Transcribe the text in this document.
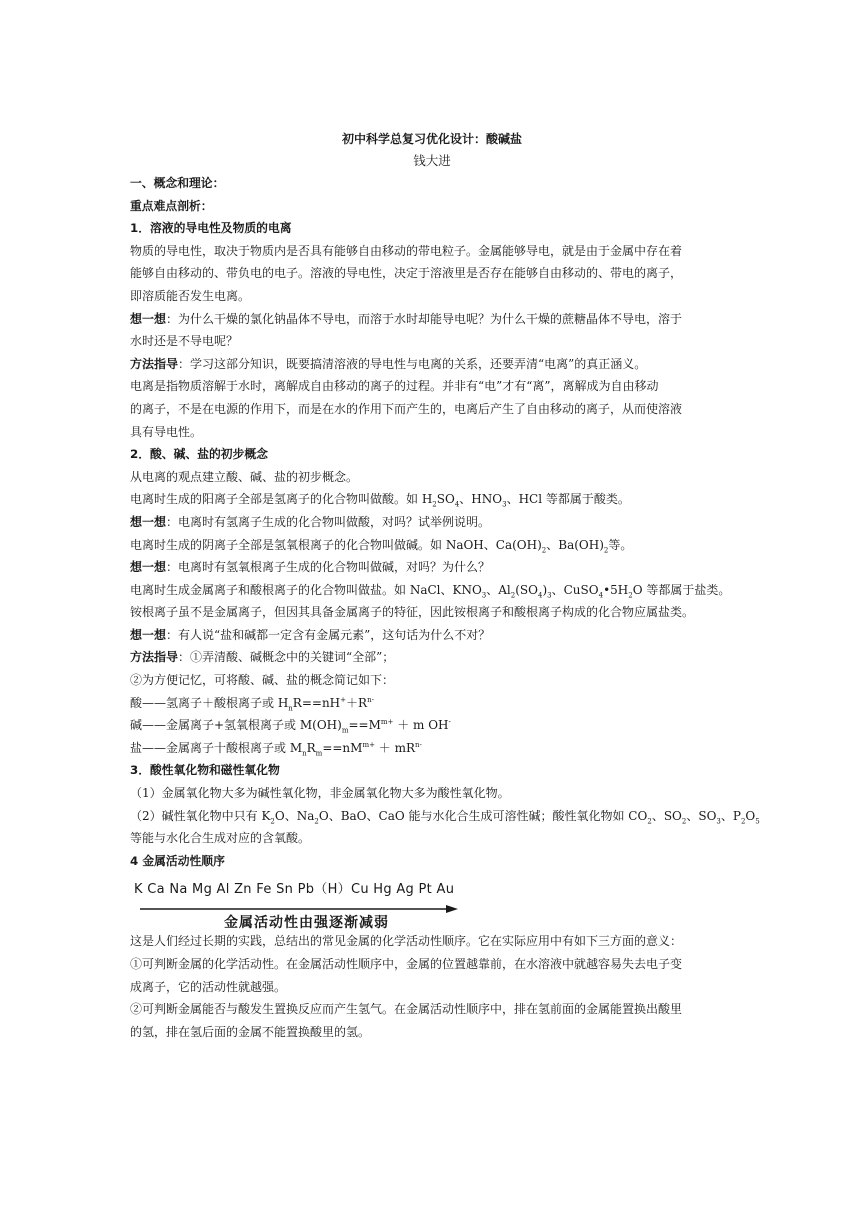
初中科学总复习优化设计：酸碱盐
钱大进
一、概念和理论：
重点难点剖析：
1．溶液的导电性及物质的电离
物质的导电性，取决于物质内是否具有能够自由移动的带电粒子。金属能够导电，就是由于金属中存在着
能够自由移动的、带负电的电子。溶液的导电性，决定于溶液里是否存在能够自由移动的、带电的离子，
即溶质能否发生电离。
想一想：为什么干燥的氯化钠晶体不导电，而溶于水时却能导电呢？为什么干燥的蔗糖晶体不导电，溶于
水时还是不导电呢？
方法指导：学习这部分知识，既要搞清溶液的导电性与电离的关系，还要弄清“电离”的真正涵义。
电离是指物质溶解于水时，离解成自由移动的离子的过程。并非有“电”才有“离”，离解成为自由移动
的离子，不是在电源的作用下，而是在水的作用下而产生的，电离后产生了自由移动的离子，从而使溶液
具有导电性。
2．酸、碱、盐的初步概念
从电离的观点建立酸、碱、盐的初步概念。
电离时生成的阳离子全部是氢离子的化合物叫做酸。如 $H_2SO_4$、$HNO_3$、HCl 等都属于酸类。
想一想：电离时有氢离子生成的化合物叫做酸，对吗？试举例说明。
电离时生成的阴离子全部是氢氧根离子的化合物叫做碱。如 NaOH、$Ca(OH)_2$、$Ba(OH)_2$等。
想一想：电离时有氢氧根离子生成的化合物叫做碱，对吗？为什么？
电离时生成金属离子和酸根离子的化合物叫做盐。如 NaCl、$KNO_3$、$Al_2(SO_4)_3$、$CuSO_4•5H_2O$ 等都属于盐类。
铵根离子虽不是金属离子，但因其具备金属离子的特征，因此铵根离子和酸根离子构成的化合物应属盐类。
想一想：有人说“盐和碱都一定含有金属元素”，这句话为什么不对？
方法指导：①弄清酸、碱概念中的关键词“全部”；
②为方便记忆，可将酸、碱、盐的概念简记如下：
酸——氢离子＋酸根离子或 $H_nR==nH^++R^{n-}$
碱——金属离子+氢氧根离子或 $M(OH)_m==M^{m+} + m$ OH-
盐——金属离子十酸根离子或 $M_nR_m==nM^{m+} + mR^{n-}$
3．酸性氧化物和磁性氧化物
（1）金属氧化物大多为碱性氧化物，非金属氧化物大多为酸性氧化物。
（2）碱性氧化物中只有 $K_2O$、$Na_2O$、BaO、CaO 能与水化合生成可溶性碱；酸性氧化物如 $CO_2$、$SO_2$、$SO_3$、$P_2O_5$
等能与水化合生成对应的含氧酸。
4 金属活动性顺序
K Ca Na Mg Al Zn Fe Sn Pb（H）Cu Hg Ag Pt Au
金属活动性由强逐渐减弱
这是人们经过长期的实践，总结出的常见金属的化学活动性顺序。它在实际应用中有如下三方面的意义：
①可判断金属的化学活动性。在金属活动性顺序中，金属的位置越靠前，在水溶液中就越容易失去电子变
成离子，它的活动性就越强。
②可判断金属能否与酸发生置换反应而产生氢气。在金属活动性顺序中，排在氢前面的金属能置换出酸里
的氢，排在氢后面的金属不能置换酸里的氢。
